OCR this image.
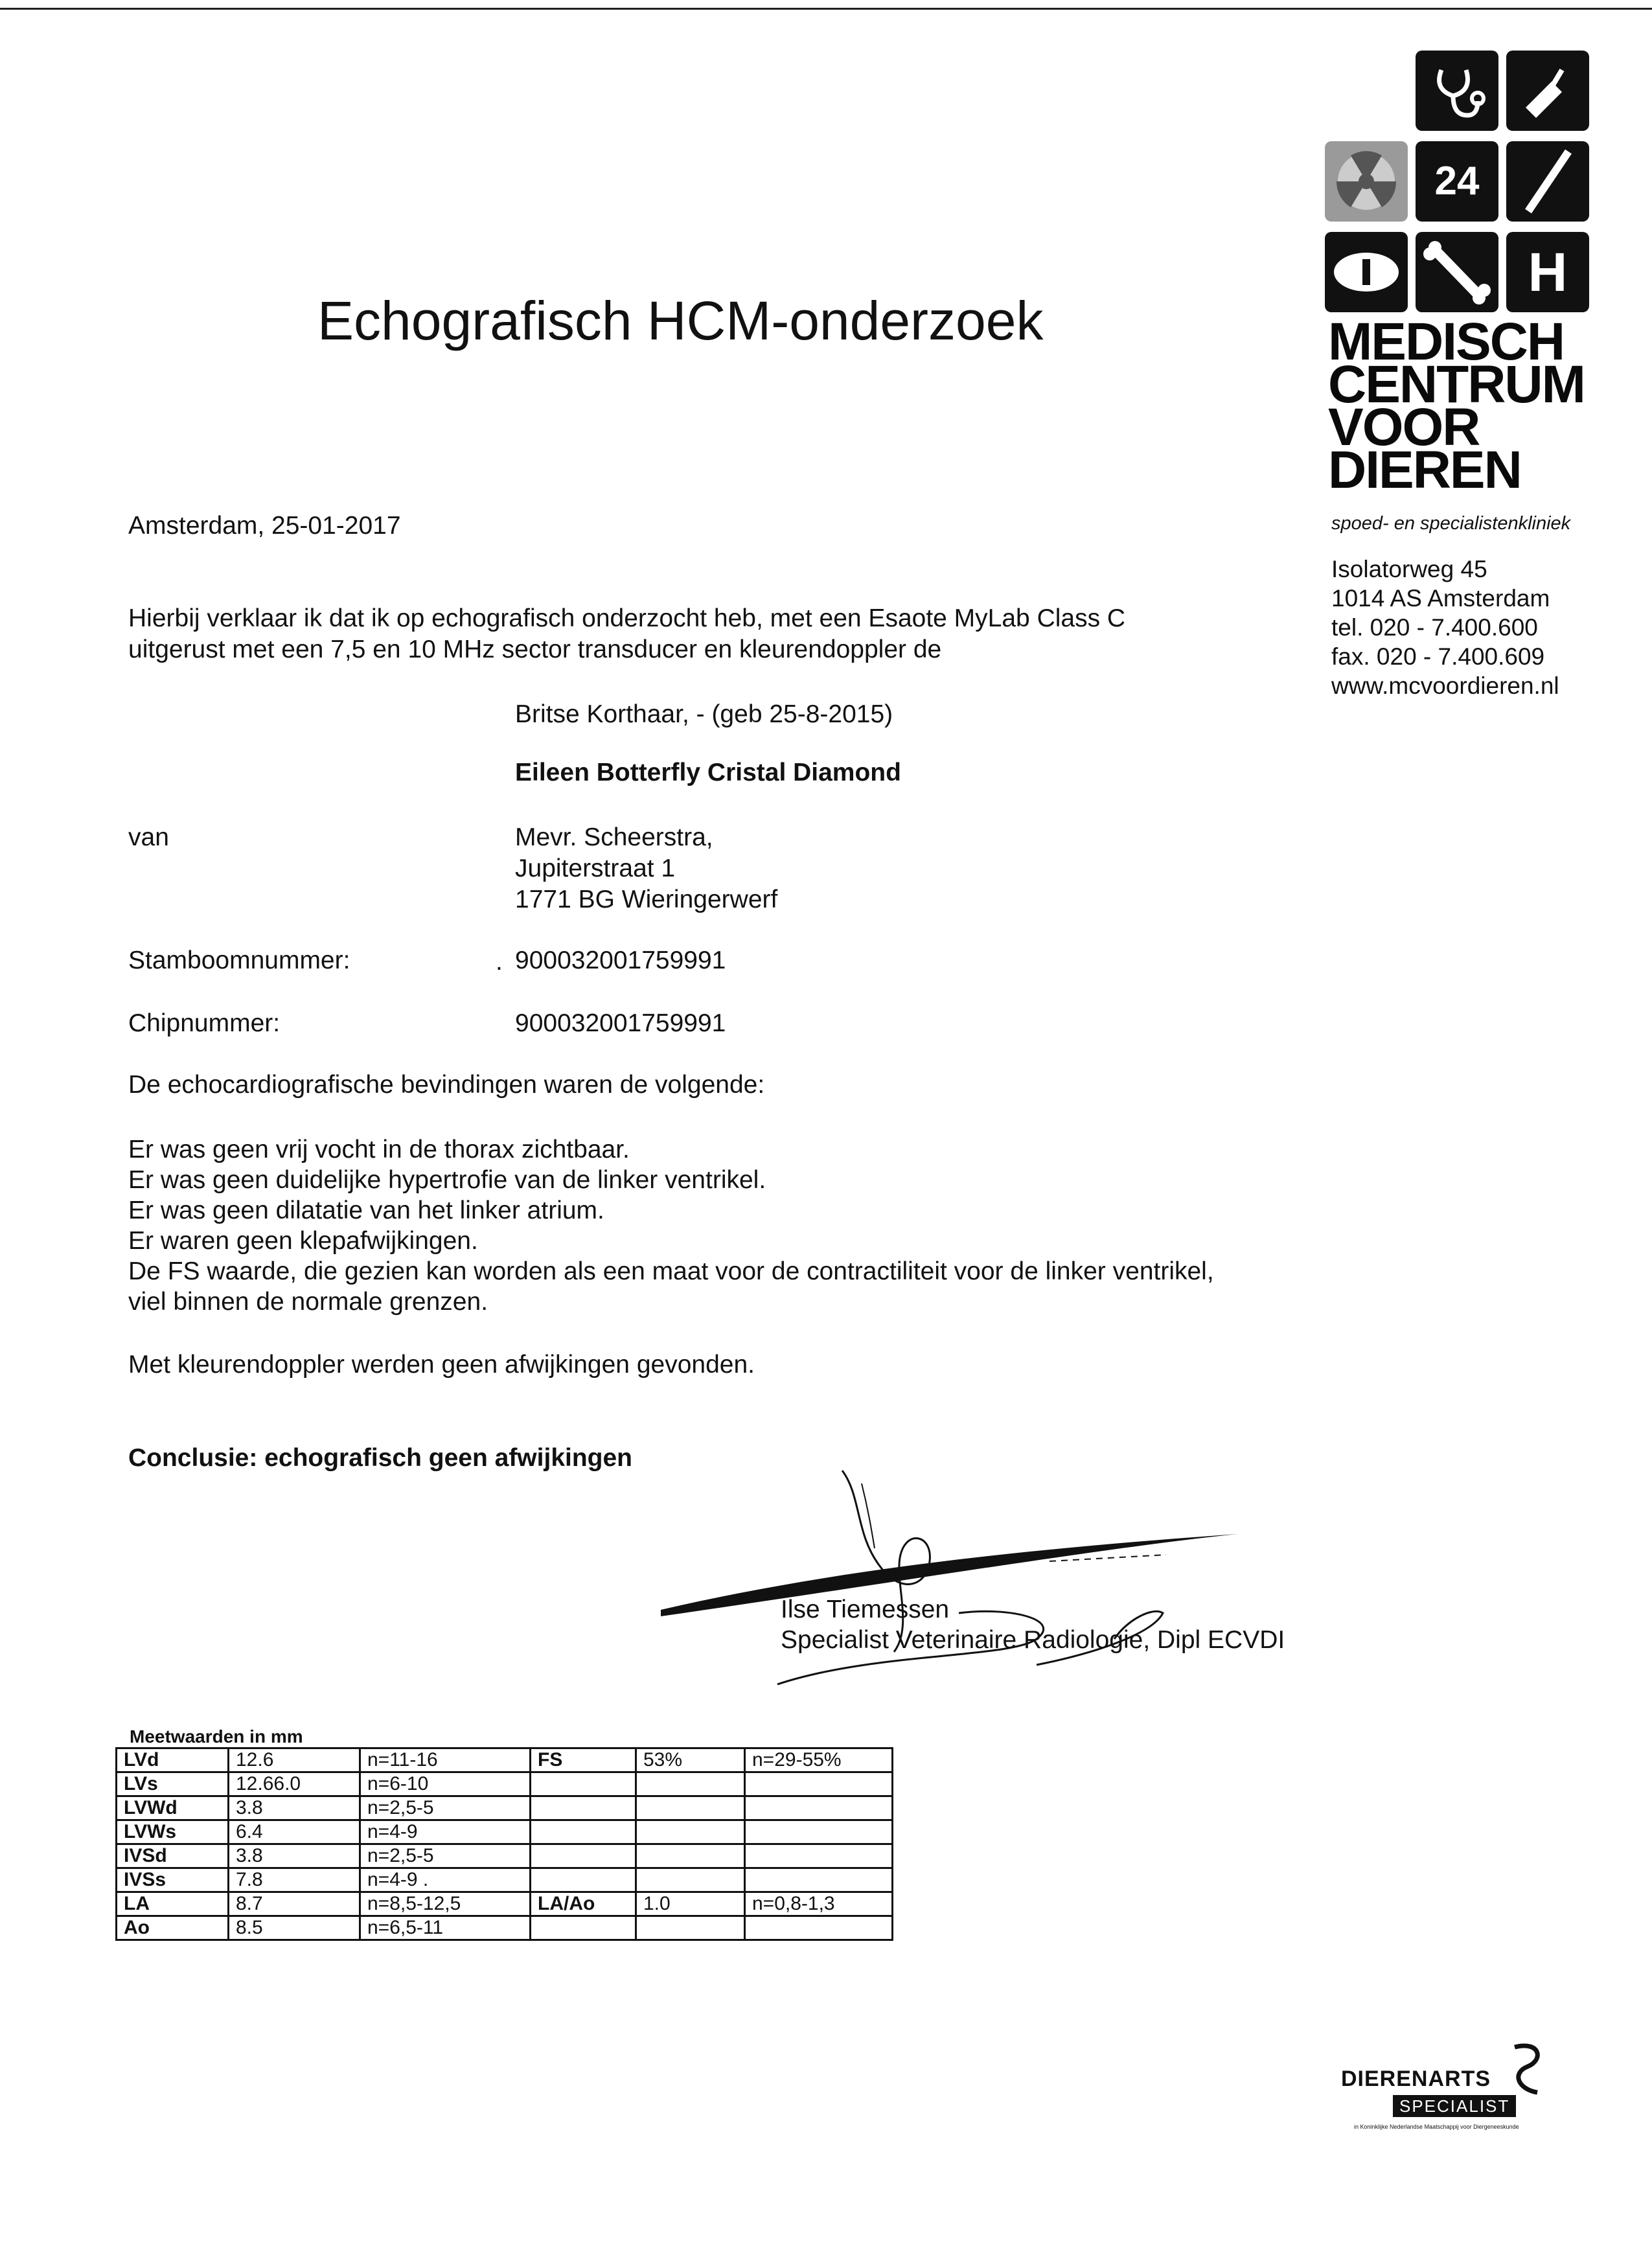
Echografisch HCM-onderzoek
24
H
MEDISCH
CENTRUM
VOOR
DIEREN
spoed- en specialistenkliniek
Isolatorweg 45
1014 AS Amsterdam
tel. 020 - 7.400.600
fax. 020 - 7.400.609
www.mcvoordieren.nl
Amsterdam, 25-01-2017
Hierbij verklaar ik dat ik op echografisch onderzocht heb, met een Esaote MyLab Class C
uitgerust met een 7,5 en 10 MHz sector transducer en kleurendoppler de
Britse Korthaar, - (geb 25-8-2015)
Eileen Botterfly Cristal Diamond
van	Mevr. Scheerstra,
Jupiterstraat 1
1771 BG Wieringerwerf
Stamboomnummer:	. 900032001759991
Chipnummer:	900032001759991
De echocardiografische bevindingen waren de volgende:
Er was geen vrij vocht in de thorax zichtbaar.
Er was geen duidelijke hypertrofie van de linker ventrikel.
Er was geen dilatatie van het linker atrium.
Er waren geen klepafwijkingen.
De FS waarde, die gezien kan worden als een maat voor de contractiliteit voor de linker ventrikel,
viel binnen de normale grenzen.
Met kleurendoppler werden geen afwijkingen gevonden.
Conclusie: echografisch geen afwijkingen
Ilse Tiemessen
Specialist Veterinaire Radiologie, Dipl ECVDI
Meetwaarden in mm
LVd	12.6	n=11-16	FS	53%	n=29-55%
LVs	12.66.0	n=6-10			
LVWd	3.8	n=2,5-5			
LVWs	6.4	n=4-9			
IVSd	3.8	n=2,5-5			
IVSs	7.8	n=4-9 .			
LA	8.7	n=8,5-12,5	LA/Ao	1.0	n=0,8-1,3
Ao	8.5	n=6,5-11			
DIERENARTS
SPECIALIST
in Koninklijke Nederlandse Maatschappij voor Diergeneeskunde
